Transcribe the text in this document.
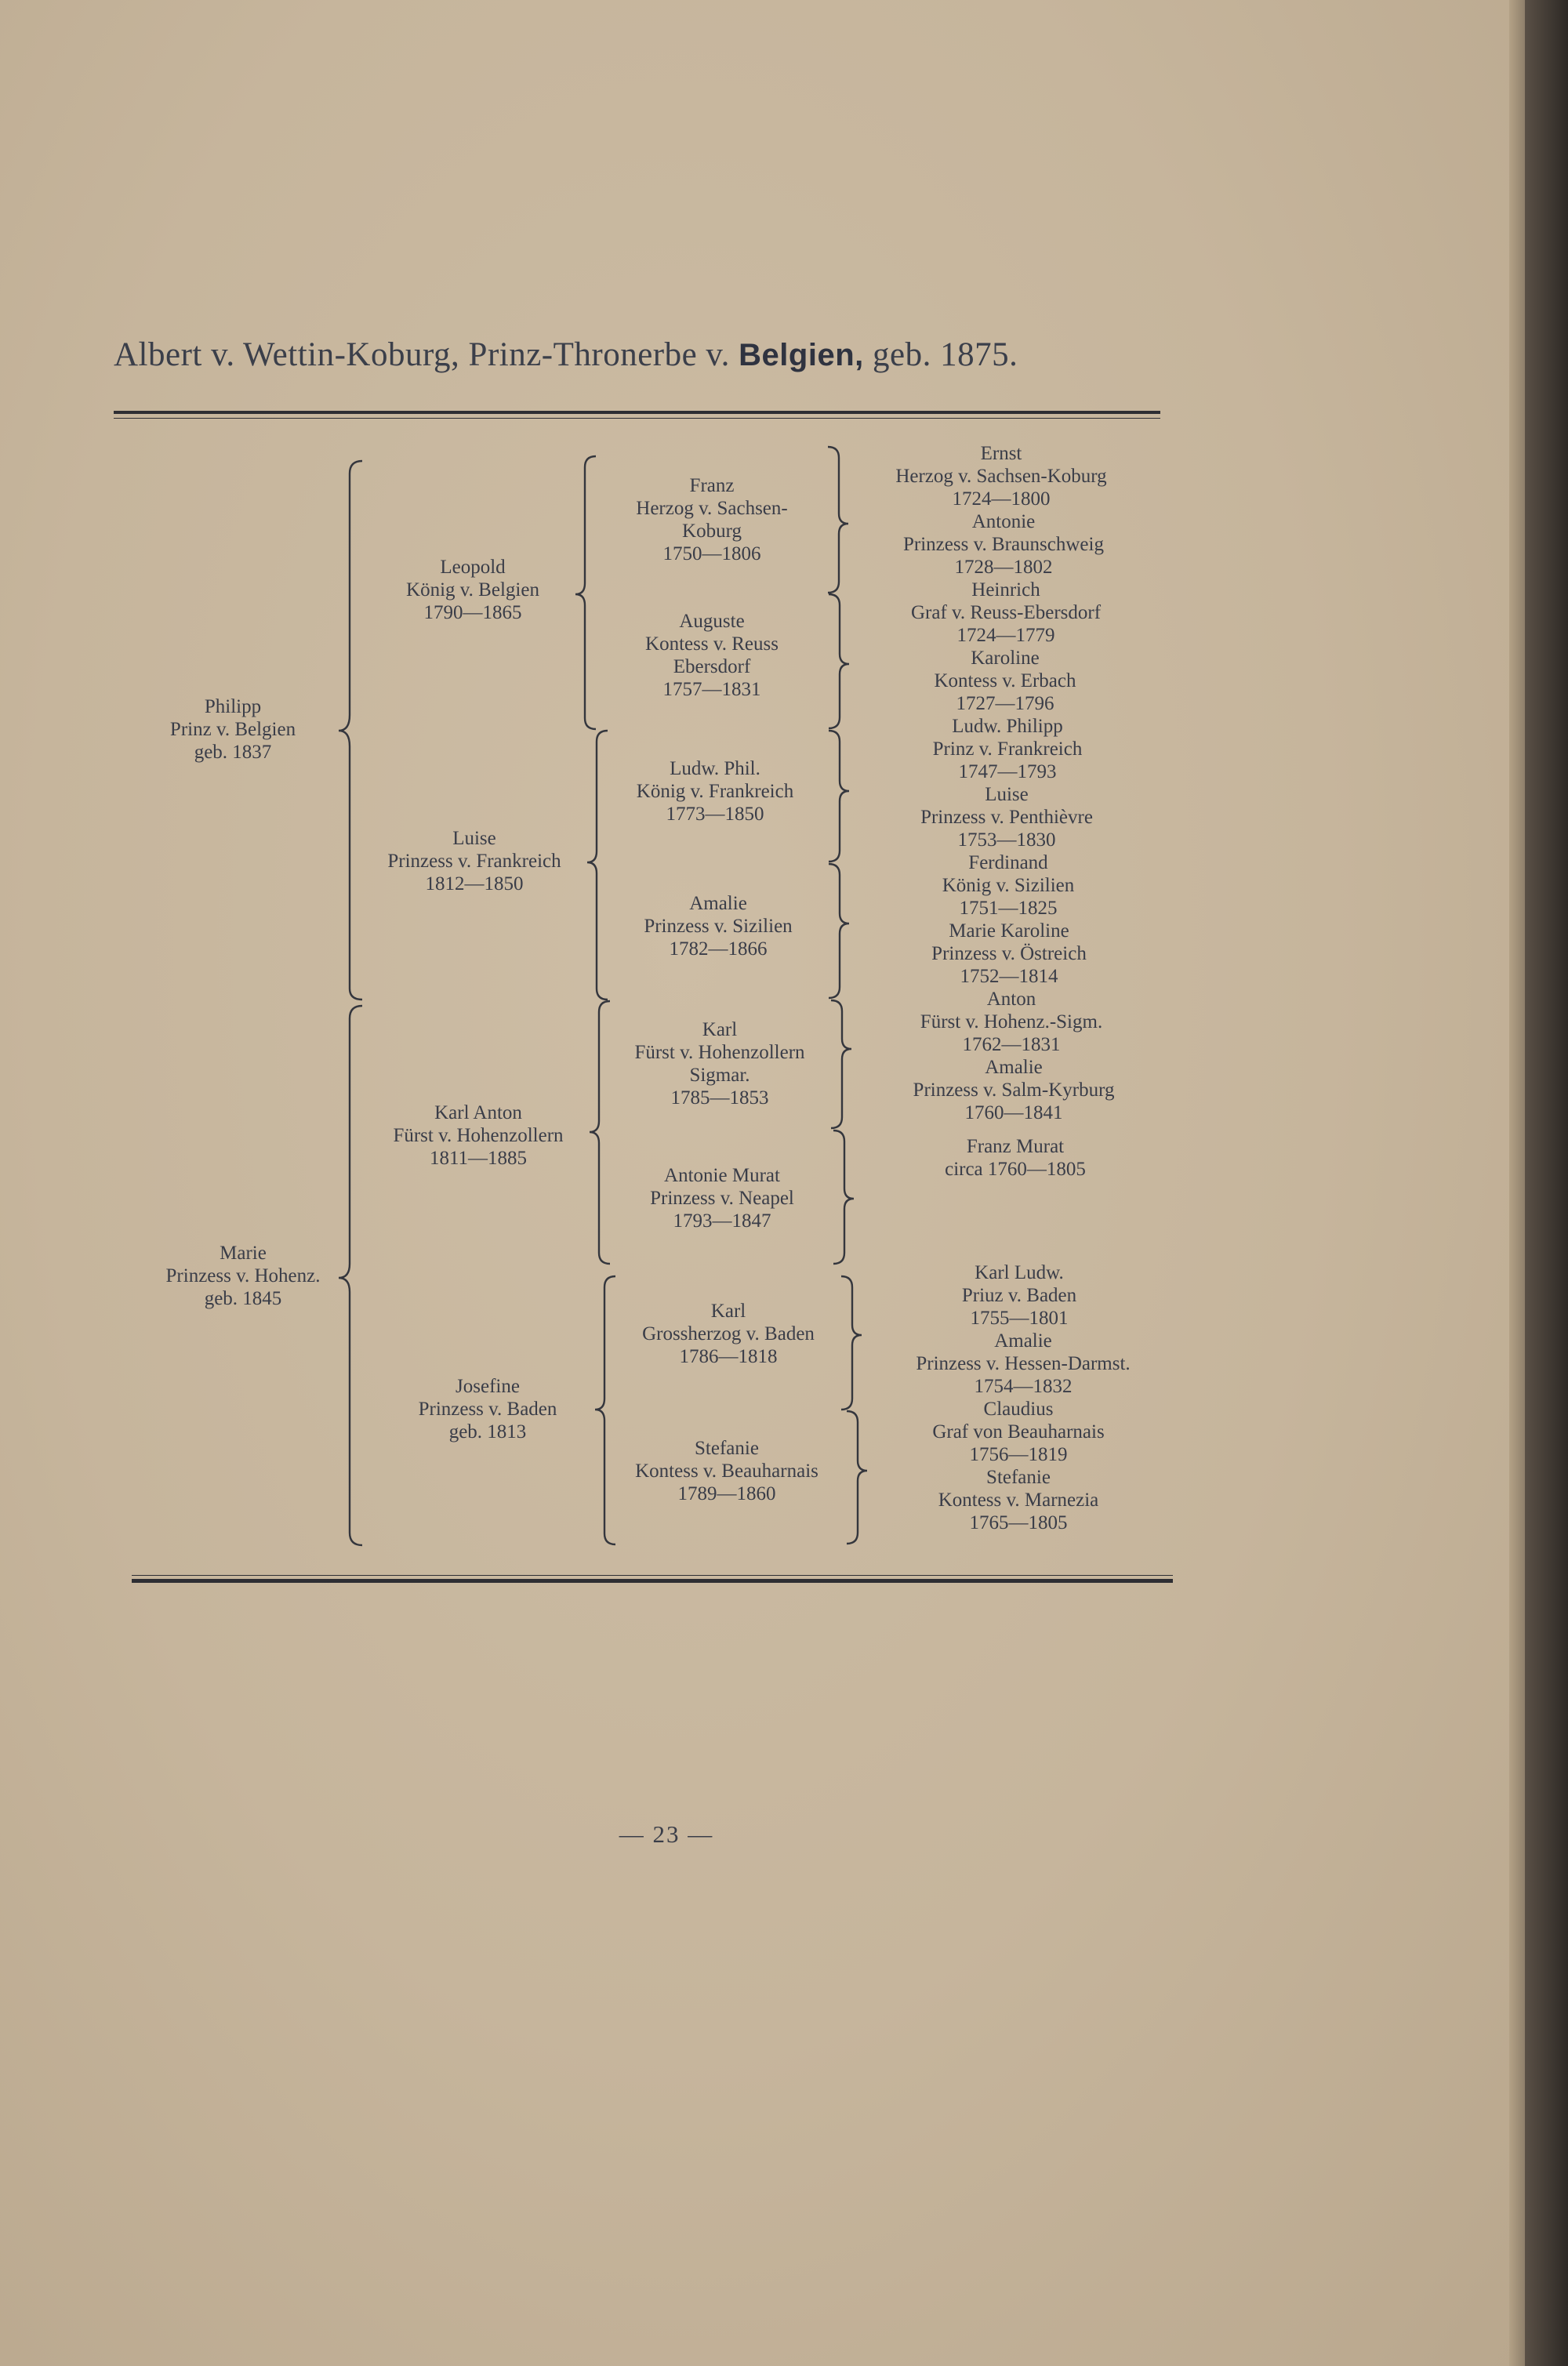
Albert v. Wettin-Koburg, Prinz-Thronerbe v. Belgien, geb. 1875.
Philipp
Prinz v. Belgien
geb. 1837
Marie
Prinzess v. Hohenz.
geb. 1845
Leopold
König v. Belgien
1790—1865
Luise
Prinzess v. Frankreich
1812—1850
Karl Anton
Fürst v. Hohenzollern
1811—1885
Josefine
Prinzess v. Baden
geb. 1813
Franz
Herzog v. Sachsen-
Koburg
1750—1806
Auguste
Kontess v. Reuss
Ebersdorf
1757—1831
Ludw. Phil.
König v. Frankreich
1773—1850
Amalie
Prinzess v. Sizilien
1782—1866
Karl
Fürst v. Hohenzollern
Sigmar.
1785—1853
Antonie Murat
Prinzess v. Neapel
1793—1847
Karl
Grossherzog v. Baden
1786—1818
Stefanie
Kontess v. Beauharnais
1789—1860
Ernst
Herzog v. Sachsen-Koburg
1724—1800
Antonie
Prinzess v. Braunschweig
1728—1802
Heinrich
Graf v. Reuss-Ebersdorf
1724—1779
Karoline
Kontess v. Erbach
1727—1796
Ludw. Philipp
Prinz v. Frankreich
1747—1793
Luise
Prinzess v. Penthièvre
1753—1830
Ferdinand
König v. Sizilien
1751—1825
Marie Karoline
Prinzess v. Östreich
1752—1814
Anton
Fürst v. Hohenz.-Sigm.
1762—1831
Amalie
Prinzess v. Salm-Kyrburg
1760—1841
Franz Murat
circa 1760—1805
Karl Ludw.
Priuz v. Baden
1755—1801
Amalie
Prinzess v. Hessen-Darmst.
1754—1832
Claudius
Graf von Beauharnais
1756—1819
Stefanie
Kontess v. Marnezia
1765—1805
— 23 —
